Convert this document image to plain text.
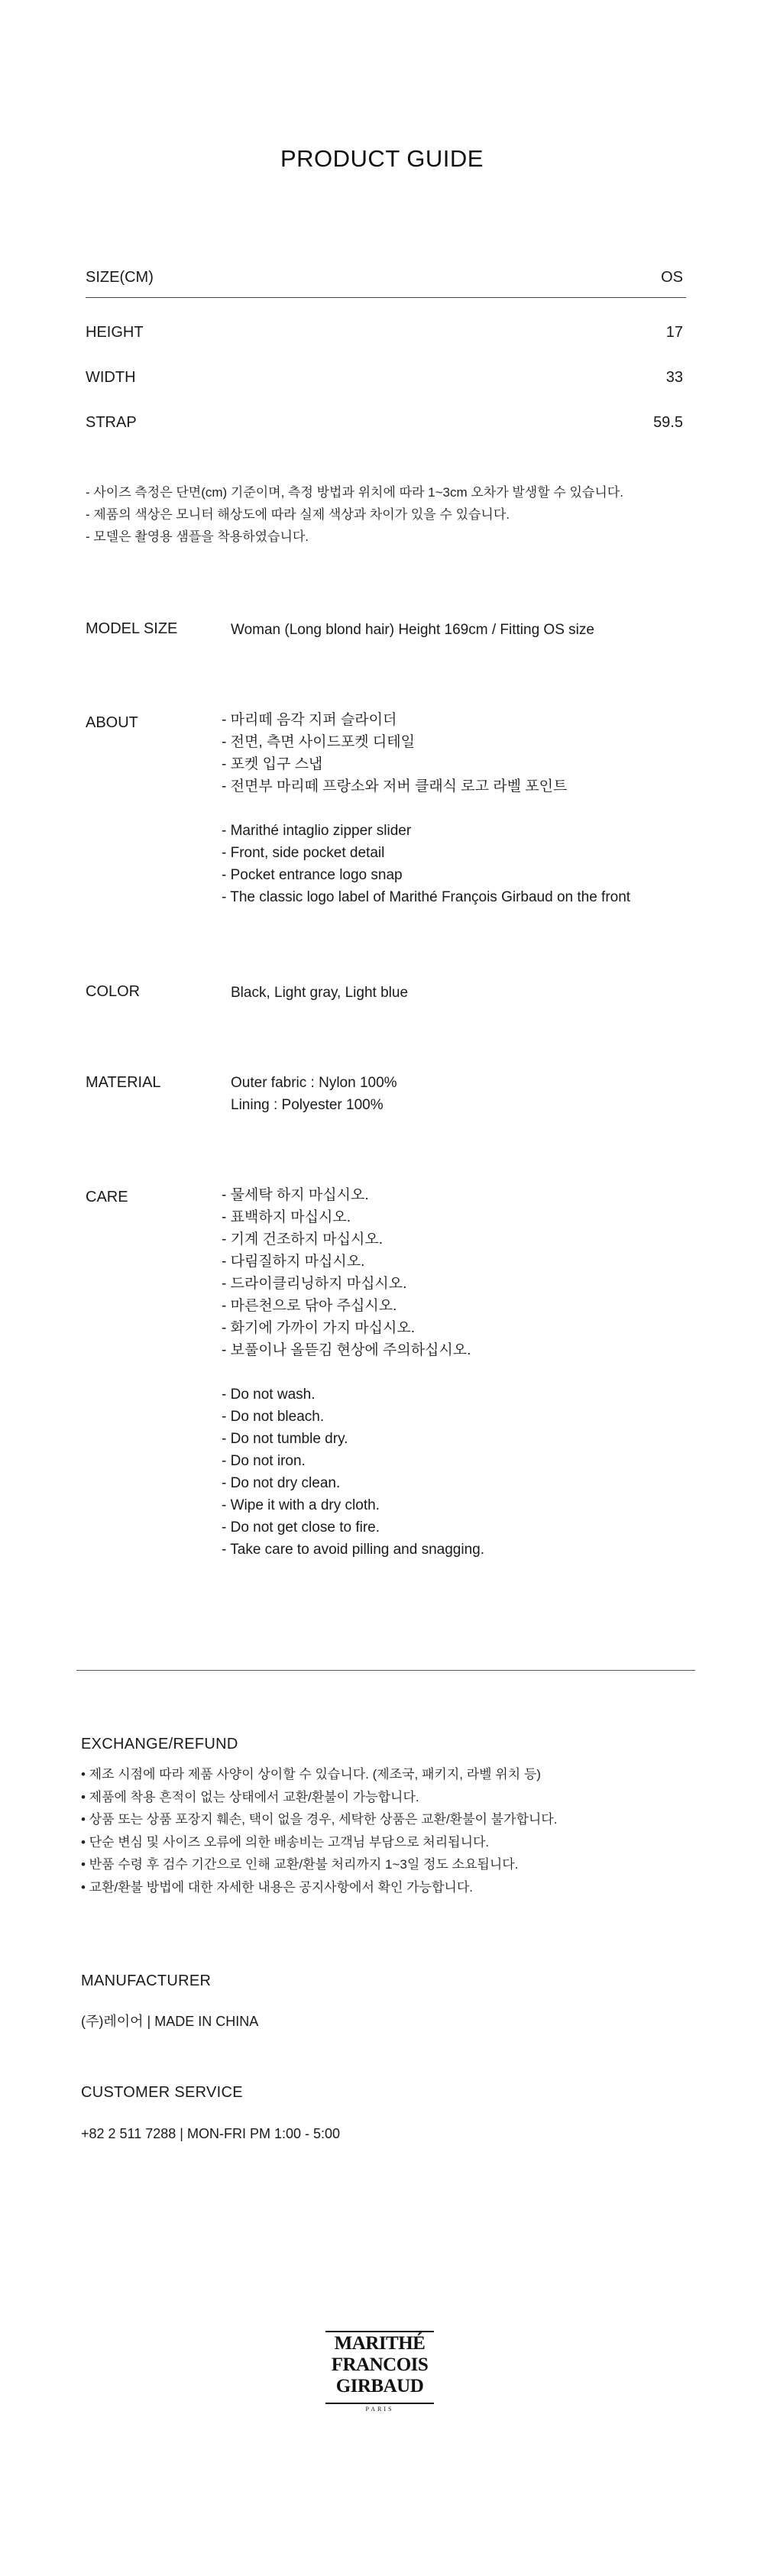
PRODUCT GUIDE
SIZE(CM)	OS
HEIGHT	17
WIDTH	33
STRAP	59.5
- 사이즈 측정은 단면(cm) 기준이며, 측정 방법과 위치에 따라 1~3cm 오차가 발생할 수 있습니다.
- 제품의 색상은 모니터 해상도에 따라 실제 색상과 차이가 있을 수 있습니다.
- 모델은 촬영용 샘플을 착용하였습니다.
MODEL SIZE	Woman (Long blond hair) Height 169cm / Fitting OS size
ABOUT	- 마리떼 음각 지퍼 슬라이더
- 전면, 측면 사이드포켓 디테일
- 포켓 입구 스냅
- 전면부 마리떼 프랑소와 저버 클래식 로고 라벨 포인트
- Marithé intaglio zipper slider
- Front, side pocket detail
- Pocket entrance logo snap
- The classic logo label of Marithé François Girbaud on the front
COLOR	Black, Light gray, Light blue
MATERIAL	Outer fabric : Nylon 100%
Lining : Polyester 100%
CARE	- 물세탁 하지 마십시오.
- 표백하지 마십시오.
- 기계 건조하지 마십시오.
- 다림질하지 마십시오.
- 드라이클리닝하지 마십시오.
- 마른천으로 닦아 주십시오.
- 화기에 가까이 가지 마십시오.
- 보풀이나 올뜯김 현상에 주의하십시오.
- Do not wash.
- Do not bleach.
- Do not tumble dry.
- Do not iron.
- Do not dry clean.
- Wipe it with a dry cloth.
- Do not get close to fire.
- Take care to avoid pilling and snagging.
EXCHANGE/REFUND
• 제조 시점에 따라 제품 사양이 상이할 수 있습니다. (제조국, 패키지, 라벨 위치 등)
• 제품에 착용 흔적이 없는 상태에서 교환/환불이 가능합니다.
• 상품 또는 상품 포장지 훼손, 택이 없을 경우, 세탁한 상품은 교환/환불이 불가합니다.
• 단순 변심 및 사이즈 오류에 의한 배송비는 고객님 부담으로 처리됩니다.
• 반품 수령 후 검수 기간으로 인해 교환/환불 처리까지 1~3일 정도 소요됩니다.
• 교환/환불 방법에 대한 자세한 내용은 공지사항에서 확인 가능합니다.
MANUFACTURER
(주)레이어 | MADE IN CHINA
CUSTOMER SERVICE
+82 2 511 7288 | MON-FRI PM 1:00 - 5:00
MARITHÉ
FRANCOIS
GIRBAUD
PARIS
